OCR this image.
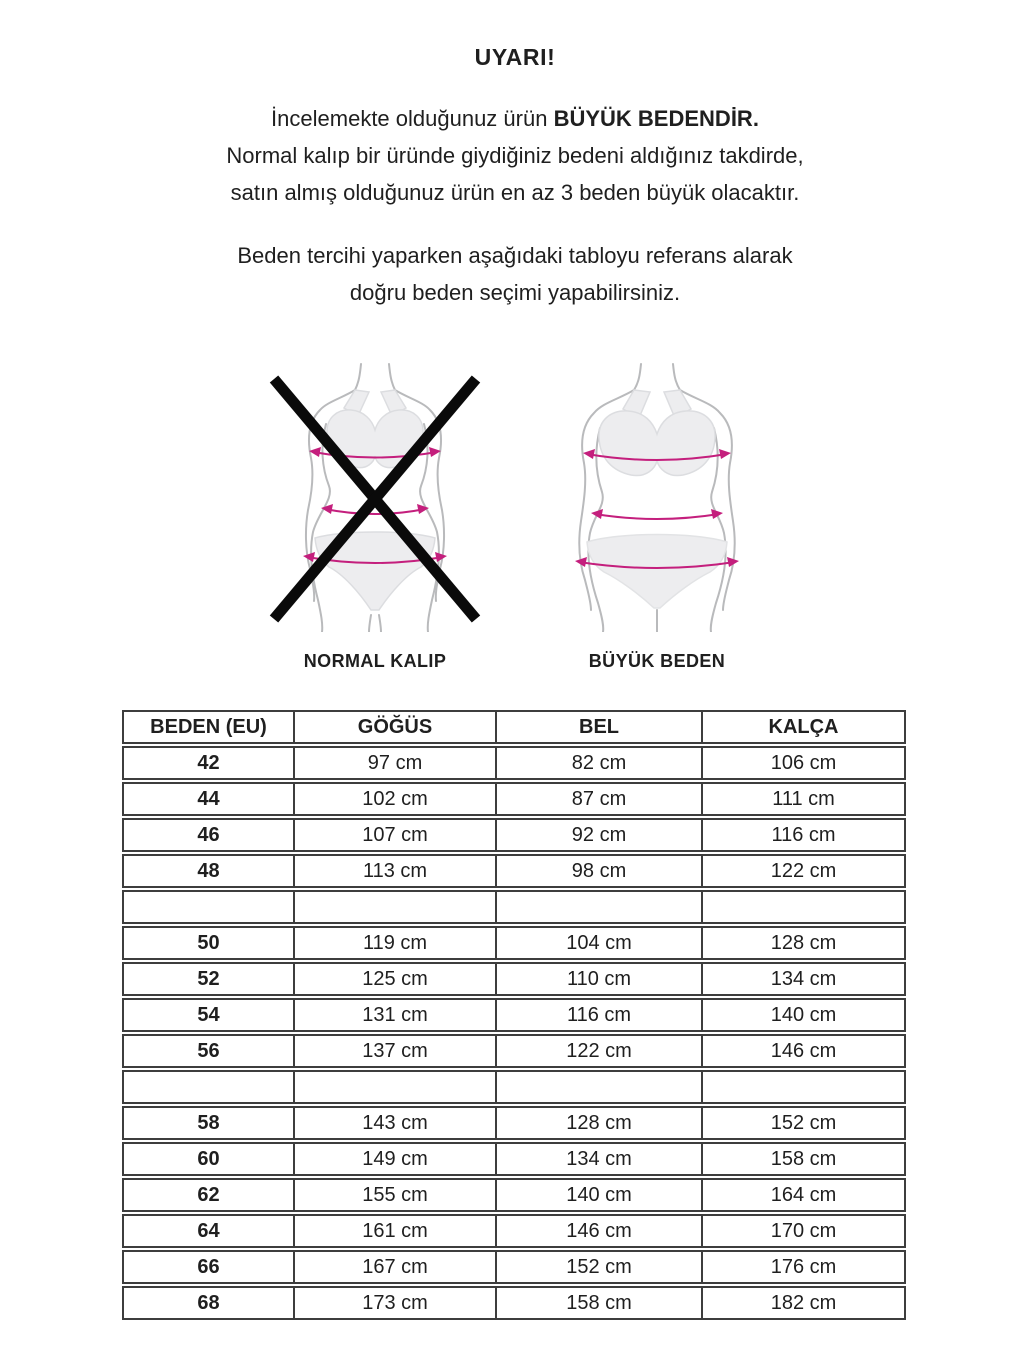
UYARI!

İncelemekte olduğunuz ürün BÜYÜK BEDENDİR.
Normal kalıp bir üründe giydiğiniz bedeni aldığınız takdirde,
satın almış olduğunuz ürün en az 3 beden büyük olacaktır.

Beden tercihi yaparken aşağıdaki tabloyu referans alarak
doğru beden seçimi yapabilirsiniz.

NORMAL KALIP	BÜYÜK BEDEN
BEDEN (EU)	GÖĞÜS	BEL	KALÇA
42	97 cm	82 cm	106 cm
44	102 cm	87 cm	111 cm
46	107 cm	92 cm	116 cm
48	113 cm	98 cm	122 cm

50	119 cm	104 cm	128 cm
52	125 cm	110 cm	134 cm
54	131 cm	116 cm	140 cm
56	137 cm	122 cm	146 cm

58	143 cm	128 cm	152 cm
60	149 cm	134 cm	158 cm
62	155 cm	140 cm	164 cm
64	161 cm	146 cm	170 cm
66	167 cm	152 cm	176 cm
68	173 cm	158 cm	182 cm
